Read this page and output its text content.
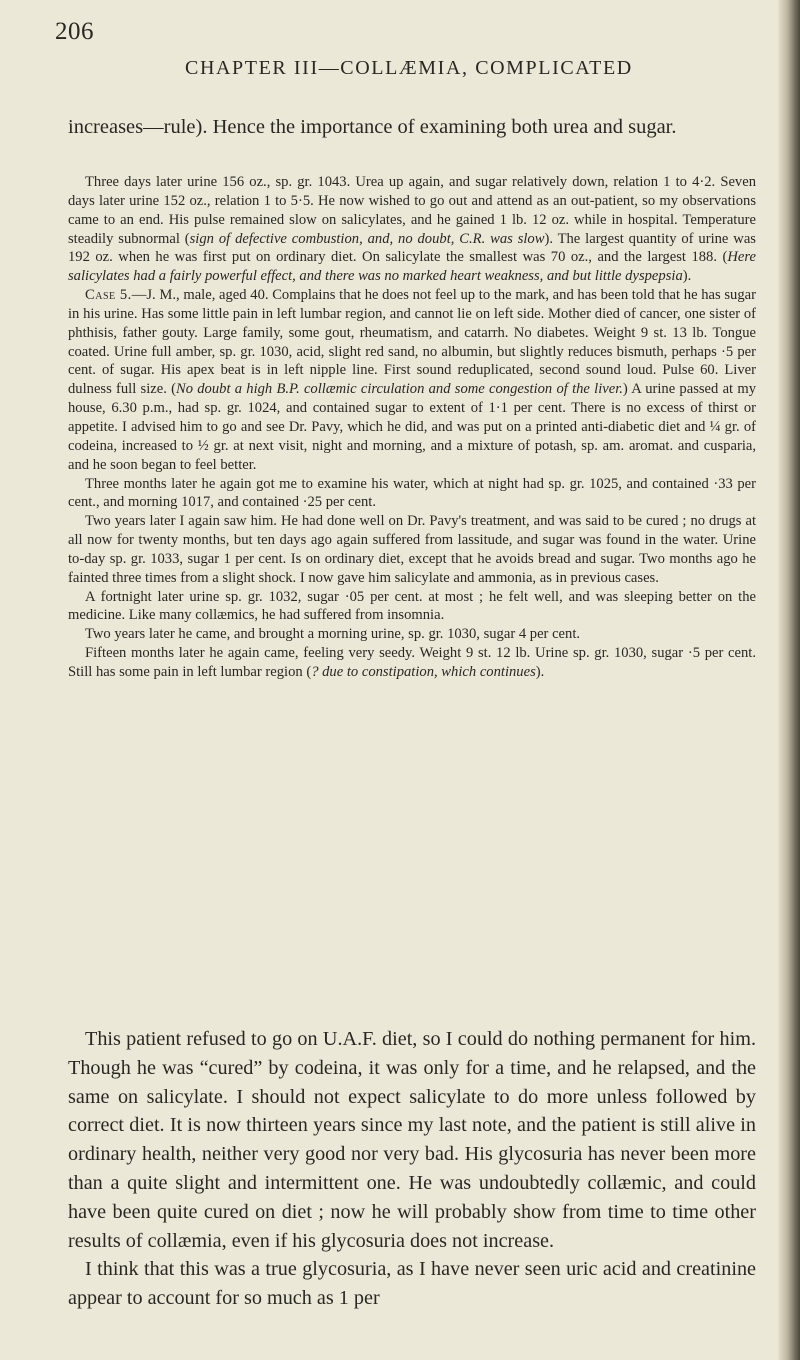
206
CHAPTER III—COLLÆMIA, COMPLICATED

increases—rule). Hence the importance of examining both urea and sugar.

Three days later urine 156 oz., sp. gr. 1043. Urea up again, and sugar relatively down, relation 1 to 4·2. Seven days later urine 152 oz., relation 1 to 5·5. He now wished to go out and attend as an out-patient, so my observations came to an end. His pulse remained slow on salicylates, and he gained 1 lb. 12 oz. while in hospital. Temperature steadily subnormal (sign of defective combustion, and, no doubt, C.R. was slow). The largest quantity of urine was 192 oz. when he was first put on ordinary diet. On salicylate the smallest was 70 oz., and the largest 188. (Here salicylates had a fairly powerful effect, and there was no marked heart weakness, and but little dyspepsia).

Case 5.—J. M., male, aged 40. Complains that he does not feel up to the mark, and has been told that he has sugar in his urine. Has some little pain in left lumbar region, and cannot lie on left side. Mother died of cancer, one sister of phthisis, father gouty. Large family, some gout, rheumatism, and catarrh. No diabetes. Weight 9 st. 13 lb. Tongue coated. Urine full amber, sp. gr. 1030, acid, slight red sand, no albumin, but slightly reduces bismuth, perhaps ·5 per cent. of sugar. His apex beat is in left nipple line. First sound reduplicated, second sound loud. Pulse 60. Liver dulness full size. (No doubt a high B.P. collæmic circulation and some congestion of the liver.) A urine passed at my house, 6.30 p.m., had sp. gr. 1024, and contained sugar to extent of 1·1 per cent. There is no excess of thirst or appetite. I advised him to go and see Dr. Pavy, which he did, and was put on a printed anti-diabetic diet and ¼ gr. of codeina, increased to ½ gr. at next visit, night and morning, and a mixture of potash, sp. am. aromat. and cusparia, and he soon began to feel better.

Three months later he again got me to examine his water, which at night had sp. gr. 1025, and contained ·33 per cent., and morning 1017, and contained ·25 per cent.

Two years later I again saw him. He had done well on Dr. Pavy's treatment, and was said to be cured ; no drugs at all now for twenty months, but ten days ago again suffered from lassitude, and sugar was found in the water. Urine to-day sp. gr. 1033, sugar 1 per cent. Is on ordinary diet, except that he avoids bread and sugar. Two months ago he fainted three times from a slight shock. I now gave him salicylate and ammonia, as in previous cases.

A fortnight later urine sp. gr. 1032, sugar ·05 per cent. at most ; he felt well, and was sleeping better on the medicine. Like many collæmics, he had suffered from insomnia.

Two years later he came, and brought a morning urine, sp. gr. 1030, sugar 4 per cent.

Fifteen months later he again came, feeling very seedy. Weight 9 st. 12 lb. Urine sp. gr. 1030, sugar ·5 per cent. Still has some pain in left lumbar region (? due to constipation, which continues).

This patient refused to go on U.A.F. diet, so I could do nothing permanent for him. Though he was “cured” by codeina, it was only for a time, and he relapsed, and the same on salicylate. I should not expect salicylate to do more unless followed by correct diet. It is now thirteen years since my last note, and the patient is still alive in ordinary health, neither very good nor very bad. His glycosuria has never been more than a quite slight and intermittent one. He was undoubtedly collæmic, and could have been quite cured on diet ; now he will probably show from time to time other results of collæmia, even if his glycosuria does not increase.

I think that this was a true glycosuria, as I have never seen uric acid and creatinine appear to account for so much as 1 per
